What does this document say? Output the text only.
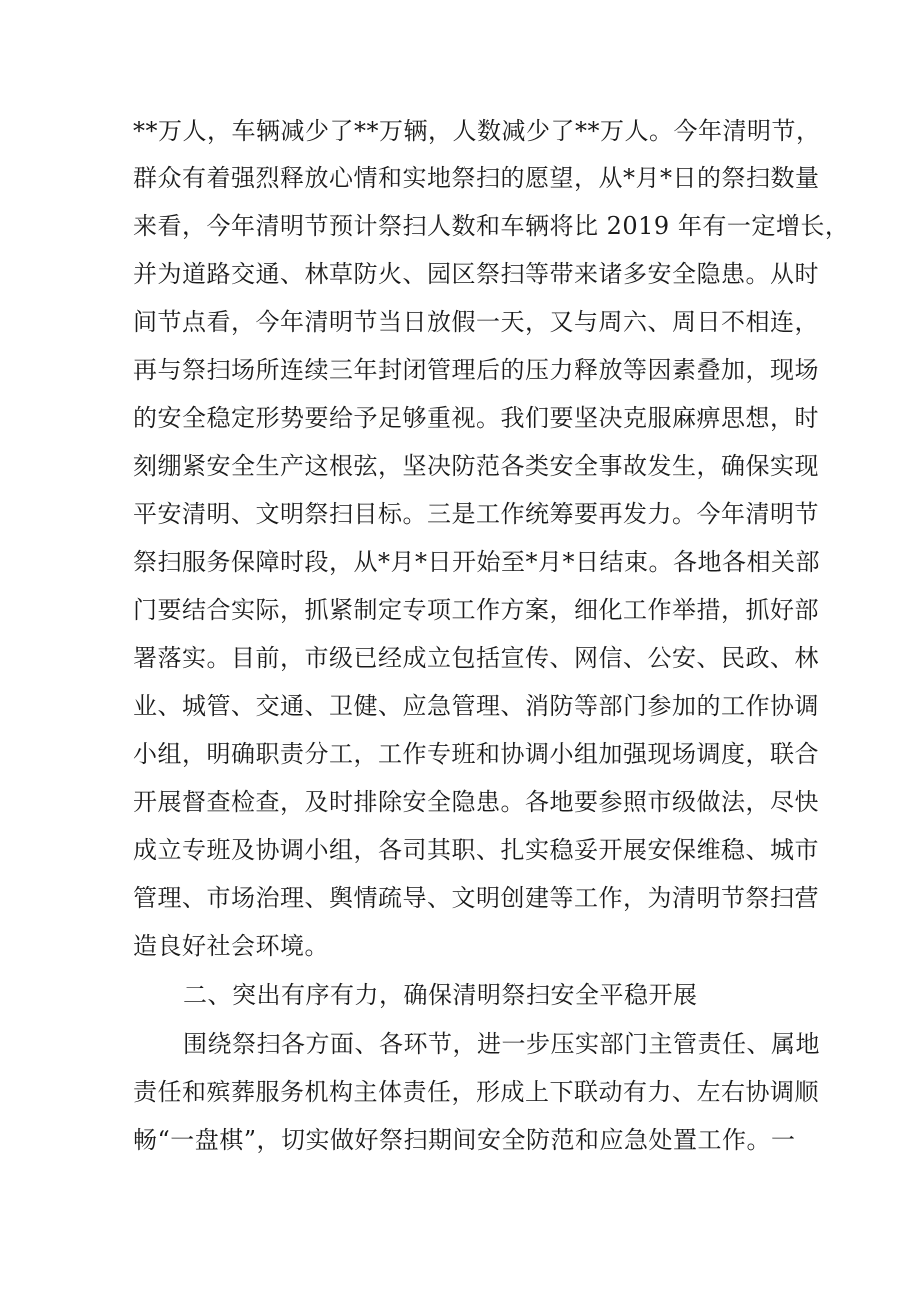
**万人，车辆减少了**万辆，人数减少了**万人。今年清明节，
群众有着强烈释放心情和实地祭扫的愿望，从*月*日的祭扫数量
来看，今年清明节预计祭扫人数和车辆将比 2019 年有一定增长，
并为道路交通、林草防火、园区祭扫等带来诸多安全隐患。从时
间节点看，今年清明节当日放假一天，又与周六、周日不相连，
再与祭扫场所连续三年封闭管理后的压力释放等因素叠加，现场
的安全稳定形势要给予足够重视。我们要坚决克服麻痹思想，时
刻绷紧安全生产这根弦，坚决防范各类安全事故发生，确保实现
平安清明、文明祭扫目标。三是工作统筹要再发力。今年清明节
祭扫服务保障时段，从*月*日开始至*月*日结束。各地各相关部
门要结合实际，抓紧制定专项工作方案，细化工作举措，抓好部
署落实。目前，市级已经成立包括宣传、网信、公安、民政、林
业、城管、交通、卫健、应急管理、消防等部门参加的工作协调
小组，明确职责分工，工作专班和协调小组加强现场调度，联合
开展督查检查，及时排除安全隐患。各地要参照市级做法，尽快
成立专班及协调小组，各司其职、扎实稳妥开展安保维稳、城市
管理、市场治理、舆情疏导、文明创建等工作，为清明节祭扫营
造良好社会环境。
二、突出有序有力，确保清明祭扫安全平稳开展
围绕祭扫各方面、各环节，进一步压实部门主管责任、属地
责任和殡葬服务机构主体责任，形成上下联动有力、左右协调顺
畅“一盘棋”，切实做好祭扫期间安全防范和应急处置工作。一
